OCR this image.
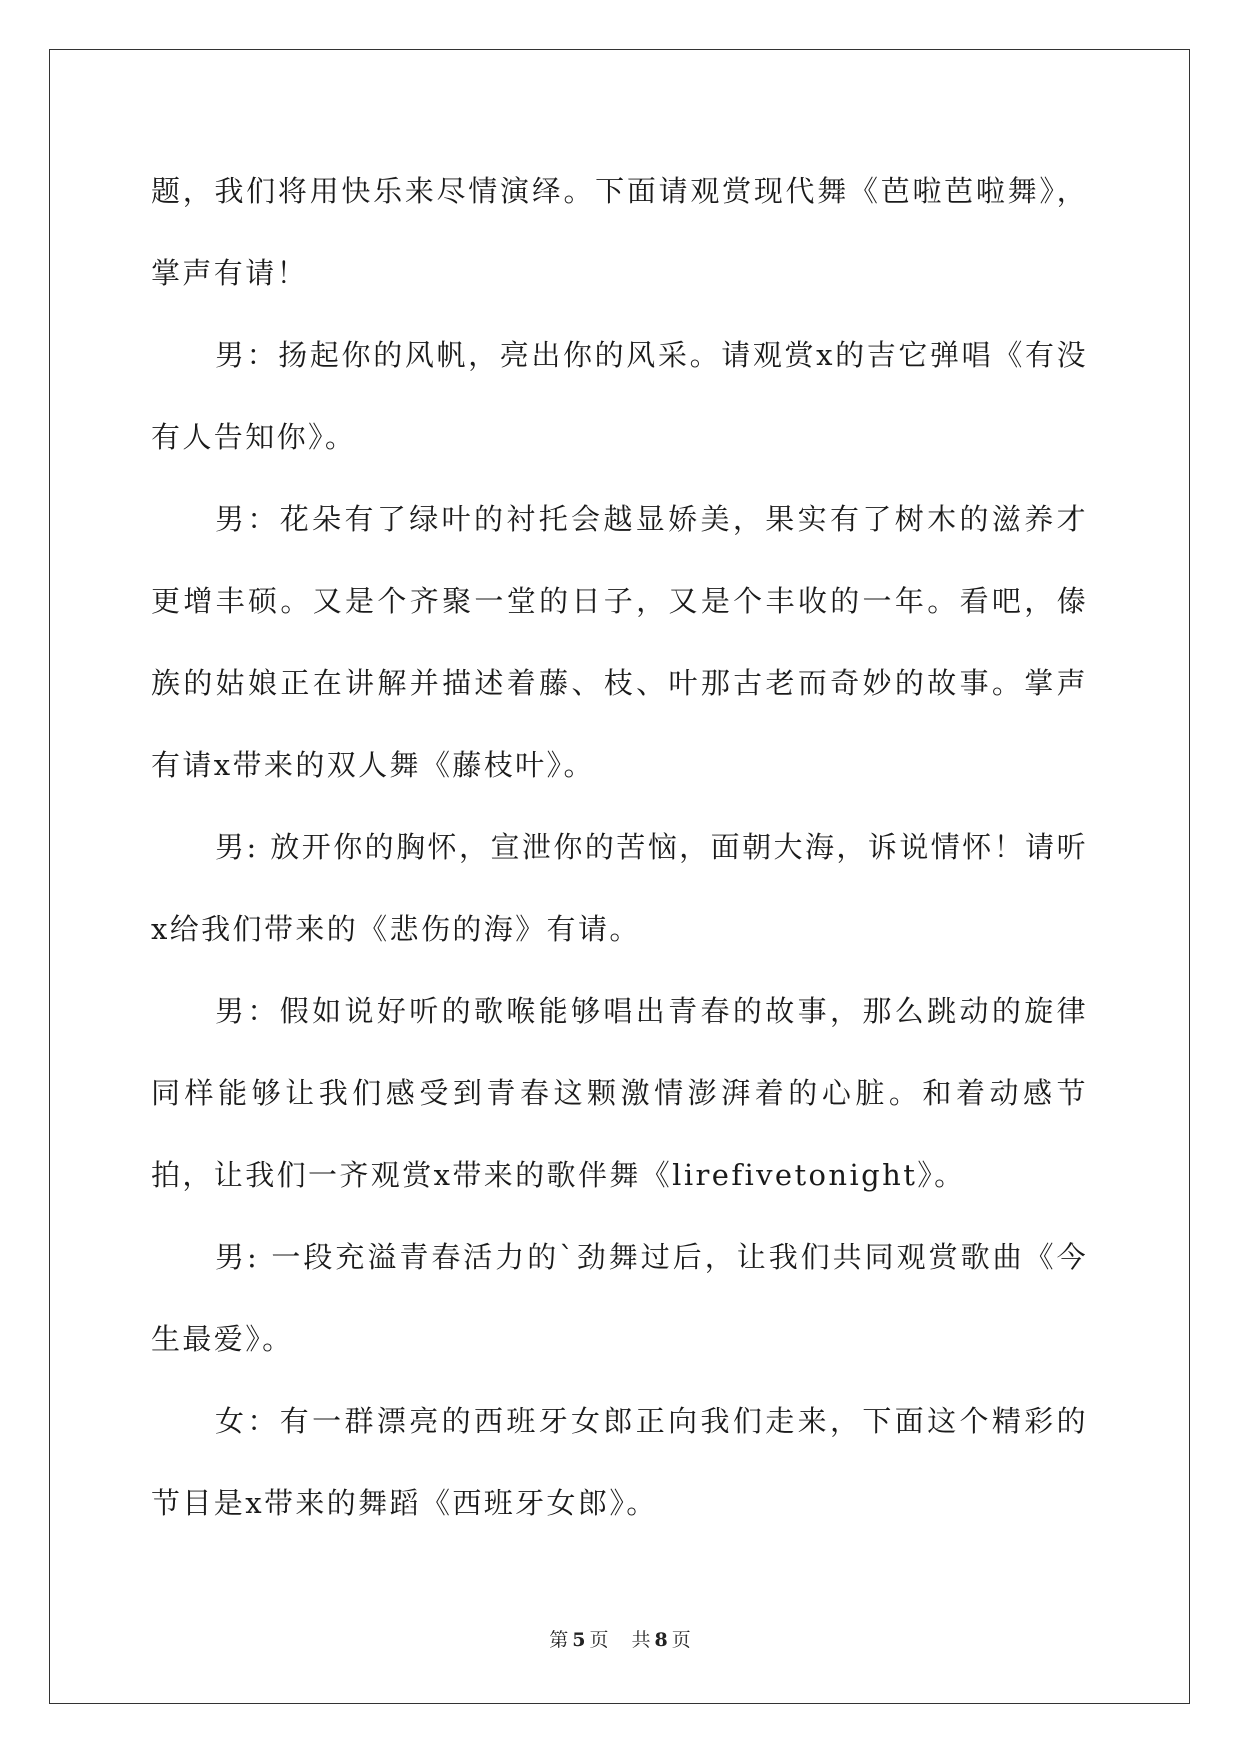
题，我们将用快乐来尽情演绎。下面请观赏现代舞《芭啦芭啦舞》，掌声有请！

男：扬起你的风帆，亮出你的风采。请观赏x的吉它弹唱《有没有人告知你》。

男：花朵有了绿叶的衬托会越显娇美，果实有了树木的滋养才更增丰硕。又是个齐聚一堂的日子，又是个丰收的一年。看吧，傣族的姑娘正在讲解并描述着藤、枝、叶那古老而奇妙的故事。掌声有请x带来的双人舞《藤枝叶》。

男: 放开你的胸怀，宣泄你的苦恼，面朝大海，诉说情怀！请听x给我们带来的《悲伤的海》有请。

男：假如说好听的歌喉能够唱出青春的故事，那么跳动的旋律同样能够让我们感受到青春这颗激情澎湃着的心脏。和着动感节拍，让我们一齐观赏x带来的歌伴舞《lirefivetonight》。

男: 一段充溢青春活力的`劲舞过后，让我们共同观赏歌曲《今生最爱》。

女：有一群漂亮的西班牙女郎正向我们走来，下面这个精彩的节目是x带来的舞蹈《西班牙女郎》。

第 5 页 共 8 页
